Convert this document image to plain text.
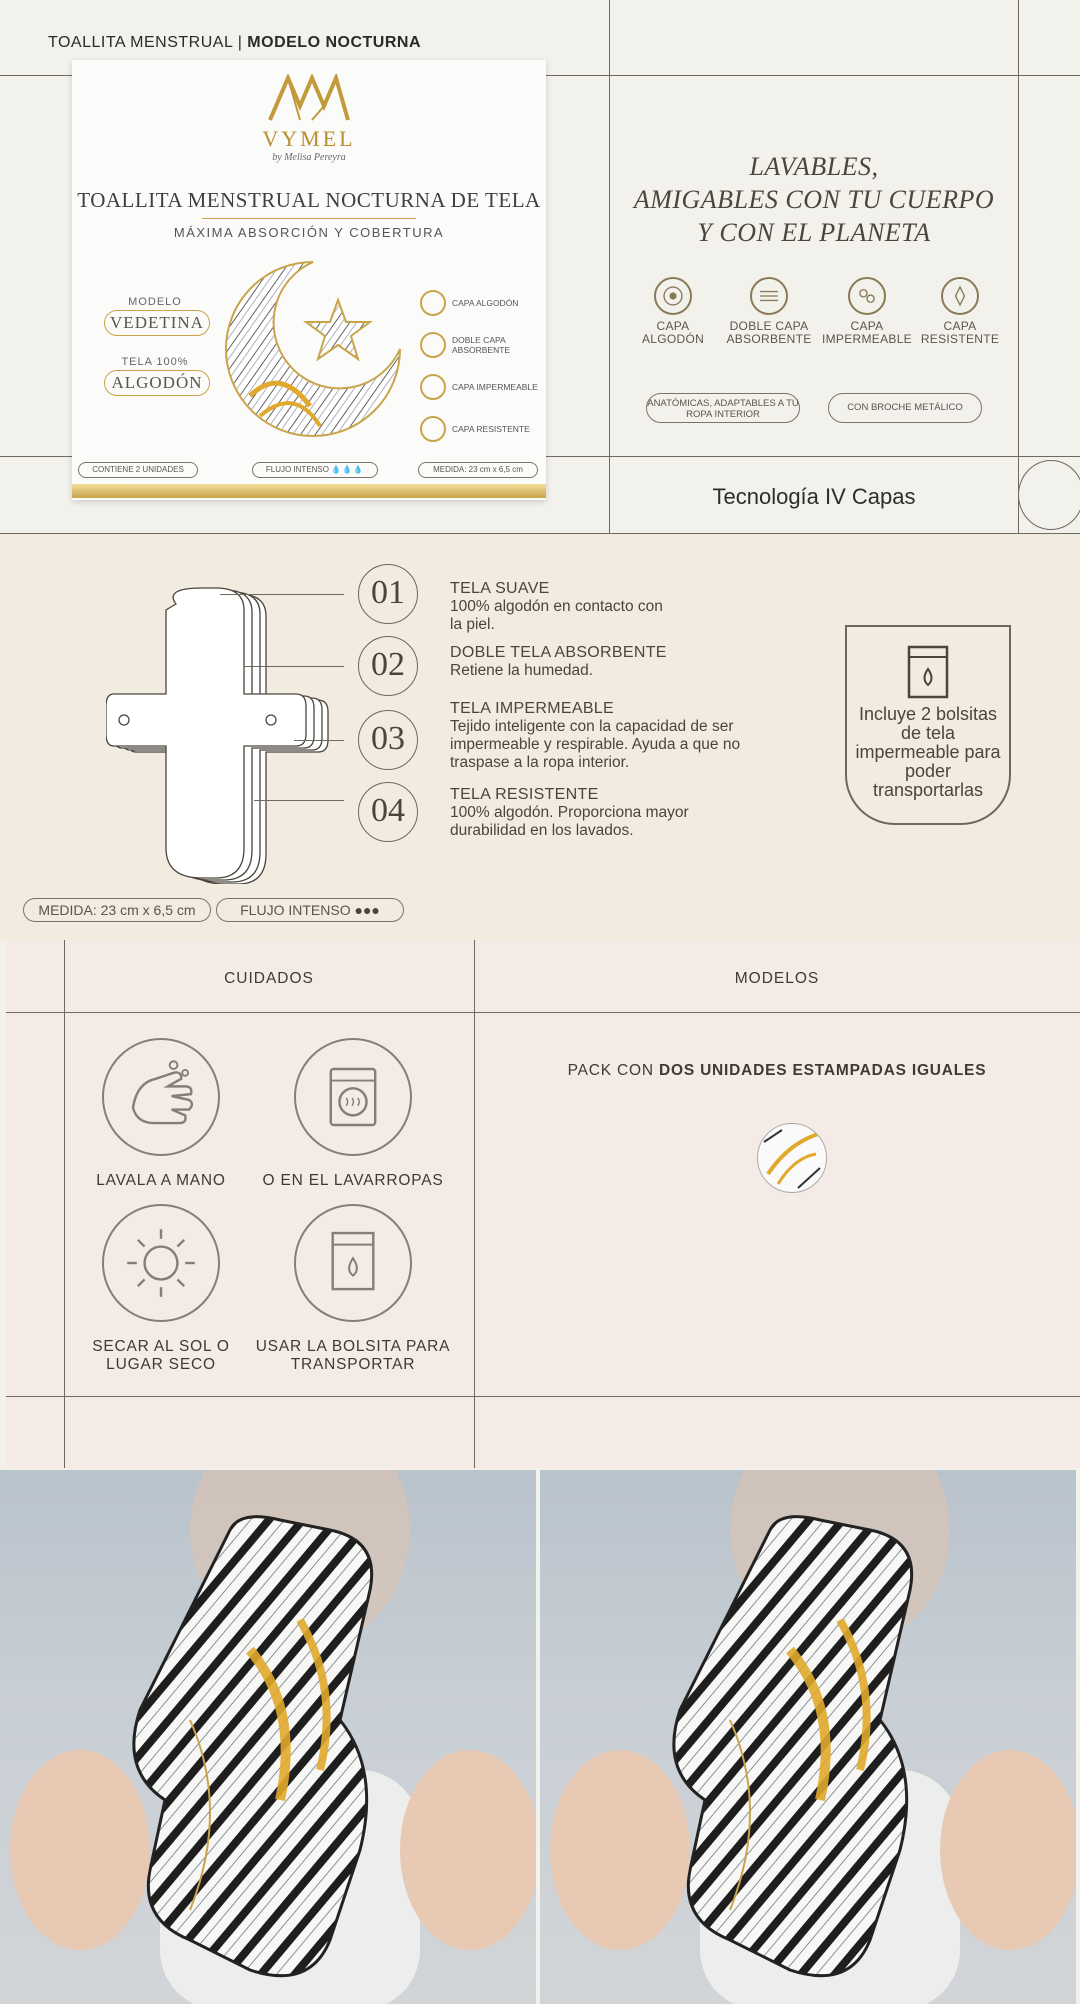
TOALLITA MENSTRUAL | MODELO NOCTURNA
VYMEL
by Melisa Pereyra
TOALLITA MENSTRUAL NOCTURNA DE TELA
MÁXIMA ABSORCIÓN Y COBERTURA
MODELO
VEDETINA
TELA 100%
ALGODÓN
CAPA ALGODÓN
DOBLE CAPA ABSORBENTE
CAPA IMPERMEABLE
CAPA RESISTENTE
CONTIENE 2 UNIDADES	FLUJO INTENSO 💧💧💧	MEDIDA: 23 cm x 6,5 cm
LAVABLES,
AMIGABLES CON TU CUERPO
Y CON EL PLANETA
CAPA ALGODÓN
DOBLE CAPA ABSORBENTE
CAPA IMPERMEABLE
CAPA RESISTENTE
ANATÓMICAS, ADAPTABLES A TU ROPA INTERIOR
CON BROCHE METÁLICO
Tecnología IV Capas
01
02
03
04
TELA SUAVE
100% algodón en contacto con la piel.
DOBLE TELA ABSORBENTE
Retiene la humedad.
TELA IMPERMEABLE
Tejido inteligente con la capacidad de ser impermeable y respirable. Ayuda a que no traspase a la ropa interior.
TELA RESISTENTE
100% algodón. Proporciona mayor durabilidad en los lavados.
Incluye 2 bolsitas de tela impermeable para poder transportarlas
MEDIDA: 23 cm x 6,5 cm	FLUJO INTENSO ●●●
CUIDADOS	MODELOS
LAVALA A MANO	O EN EL LAVARROPAS
SECAR AL SOL O LUGAR SECO
USAR LA BOLSITA PARA TRANSPORTAR
PACK CON DOS UNIDADES ESTAMPADAS IGUALES
